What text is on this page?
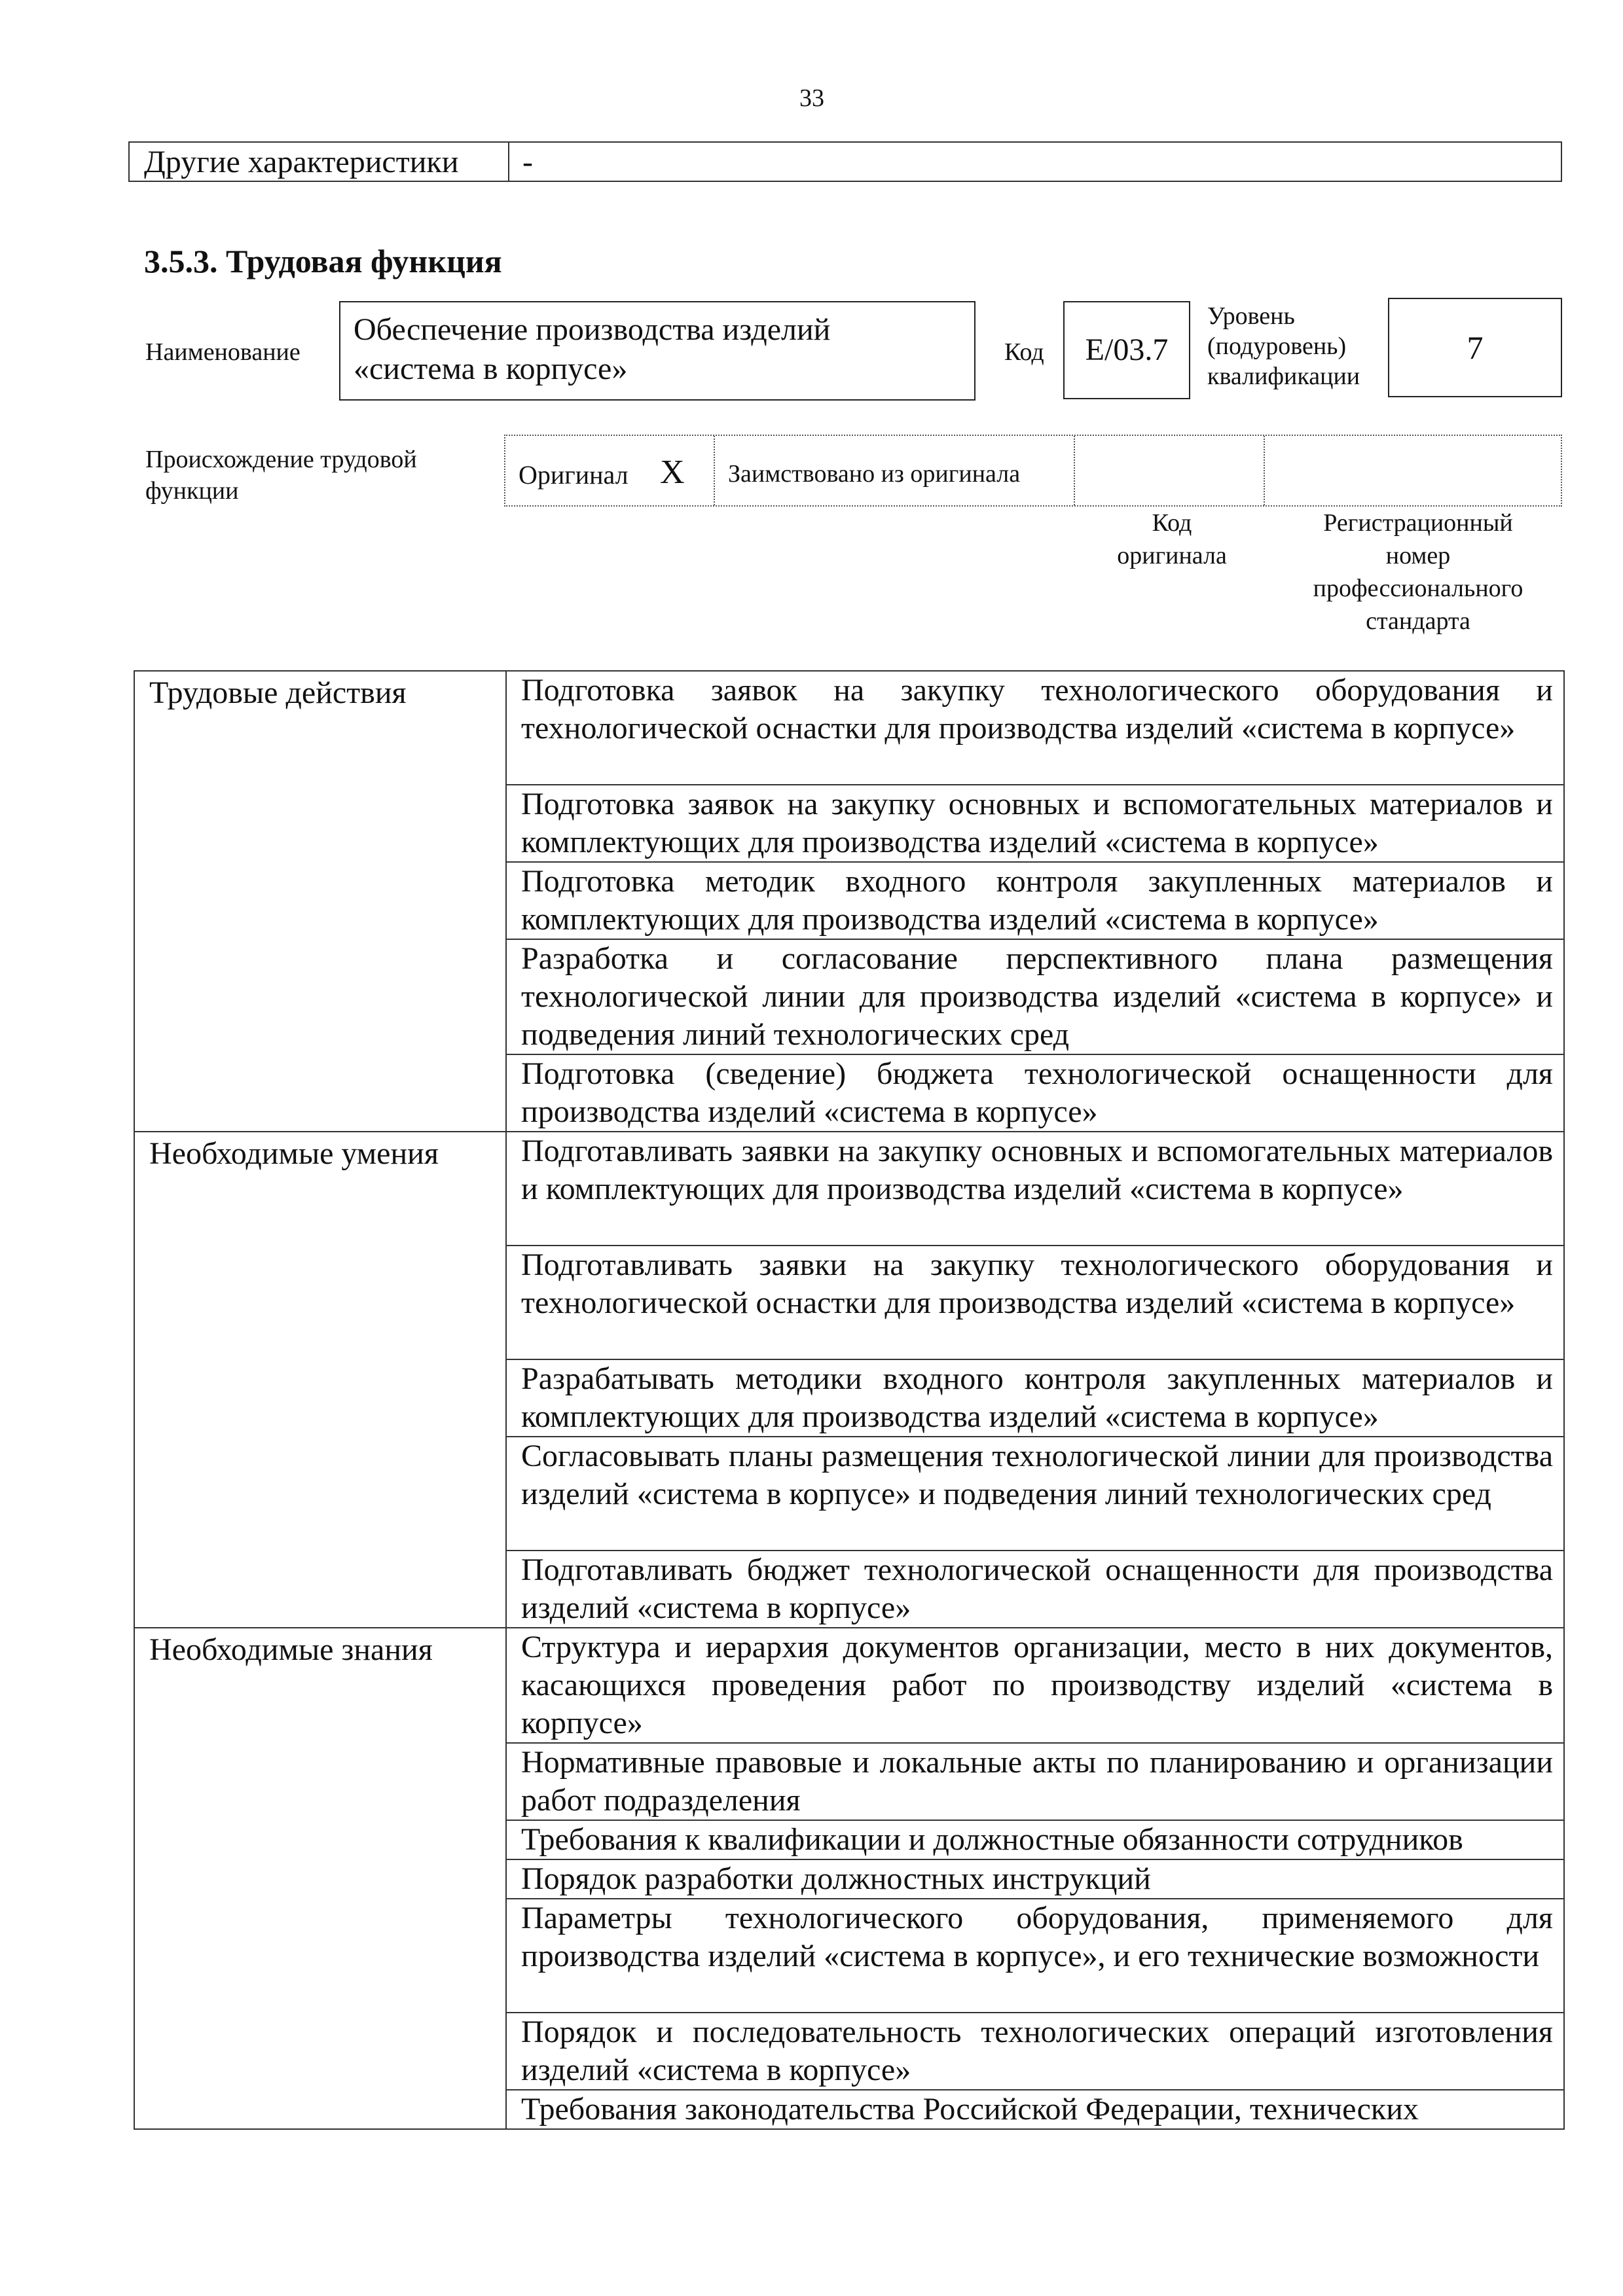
33
Другие характеристики	-
3.5.3. Трудовая функция
Наименование
Обеспечение производства изделий
«система в корпусе»	Код	E/03.7
Уровень
(подуровень)
квалификации
7
Происхождение трудовой
функции
Оригинал X Заимствовано из оригинала
Код
оригинала
Регистрационный
номер
профессионального
стандарта
Трудовые действия	Подготовка заявок на закупку технологического оборудования и технологической оснастки для производства изделий «система в корпусе»
	Подготовка заявок на закупку основных и вспомогательных материалов и комплектующих для производства изделий «система в корпусе»
	Подготовка методик входного контроля закупленных материалов и комплектующих для производства изделий «система в корпусе»
	Разработка и согласование перспективного плана размещения технологической линии для производства изделий «система в корпусе» и подведения линий технологических сред
	Подготовка (сведение) бюджета технологической оснащенности для производства изделий «система в корпусе»
Необходимые умения	Подготавливать заявки на закупку основных и вспомогательных материалов и комплектующих для производства изделий «система в корпусе»
	Подготавливать заявки на закупку технологического оборудования и технологической оснастки для производства изделий «система в корпусе»
	Разрабатывать методики входного контроля закупленных материалов и комплектующих для производства изделий «система в корпусе»
	Согласовывать планы размещения технологической линии для производства изделий «система в корпусе» и подведения линий технологических сред
	Подготавливать бюджет технологической оснащенности для производства изделий «система в корпусе»
Необходимые знания	Структура и иерархия документов организации, место в них документов, касающихся проведения работ по производству изделий «система в корпусе»
	Нормативные правовые и локальные акты по планированию и организации работ подразделения
	Требования к квалификации и должностные обязанности сотрудников
	Порядок разработки должностных инструкций
	Параметры технологического оборудования, применяемого для производства изделий «система в корпусе», и его технические возможности
	Порядок и последовательность технологических операций изготовления изделий «система в корпусе»
	Требования законодательства Российской Федерации, технических
